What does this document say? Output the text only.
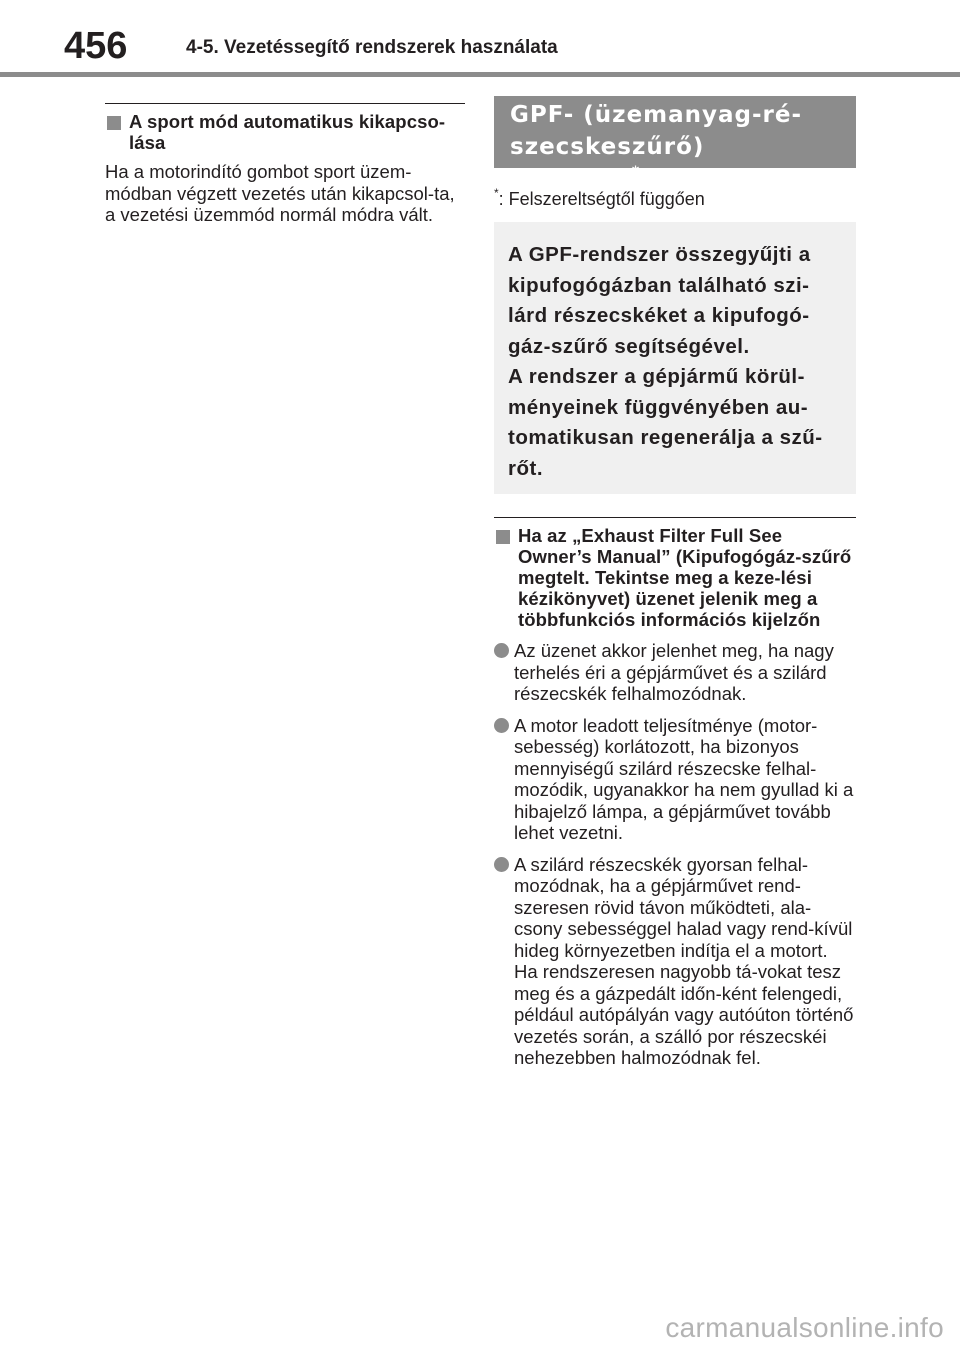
456	4-5. Vezetéssegítő rendszerek használata
A sport mód automatikus kikapcso-lása
Ha a motorindító gombot sport üzem-módban végzett vezetés után kikapcsol-ta, a vezetési üzemmód normál módra vált.
GPF- (üzemanyag-ré-
szecskeszűrő) rendszer*
*: Felszereltségtől függően
A GPF-rendszer összegyűjti a
kipufogógázban található szi-
lárd részecskéket a kipufogó-
gáz-szűrő segítségével.
A rendszer a gépjármű körül-
ményeinek függvényében au-
tomatikusan regenerálja a szű-
rőt.
Ha az „Exhaust Filter Full See Owner’s Manual” (Kipufogógáz-szűrő megtelt. Tekintse meg a keze-lési kézikönyvet) üzenet jelenik meg a többfunkciós információs kijelzőn
Az üzenet akkor jelenhet meg, ha nagy terhelés éri a gépjárművet és a szilárd részecskék felhalmozódnak.
A motor leadott teljesítménye (motor-sebesség) korlátozott, ha bizonyos mennyiségű szilárd részecske felhal-mozódik, ugyanakkor ha nem gyullad ki a hibajelző lámpa, a gépjárművet tovább lehet vezetni.
A szilárd részecskék gyorsan felhal-mozódnak, ha a gépjárművet rend-szeresen rövid távon működteti, ala-csony sebességgel halad vagy rend-kívül hideg környezetben indítja el a motort. Ha rendszeresen nagyobb tá-vokat tesz meg és a gázpedált időn-ként felengedi, például autópályán vagy autóúton történő vezetés során, a szálló por részecskéi nehezebben halmozódnak fel.
carmanualsonline.info
